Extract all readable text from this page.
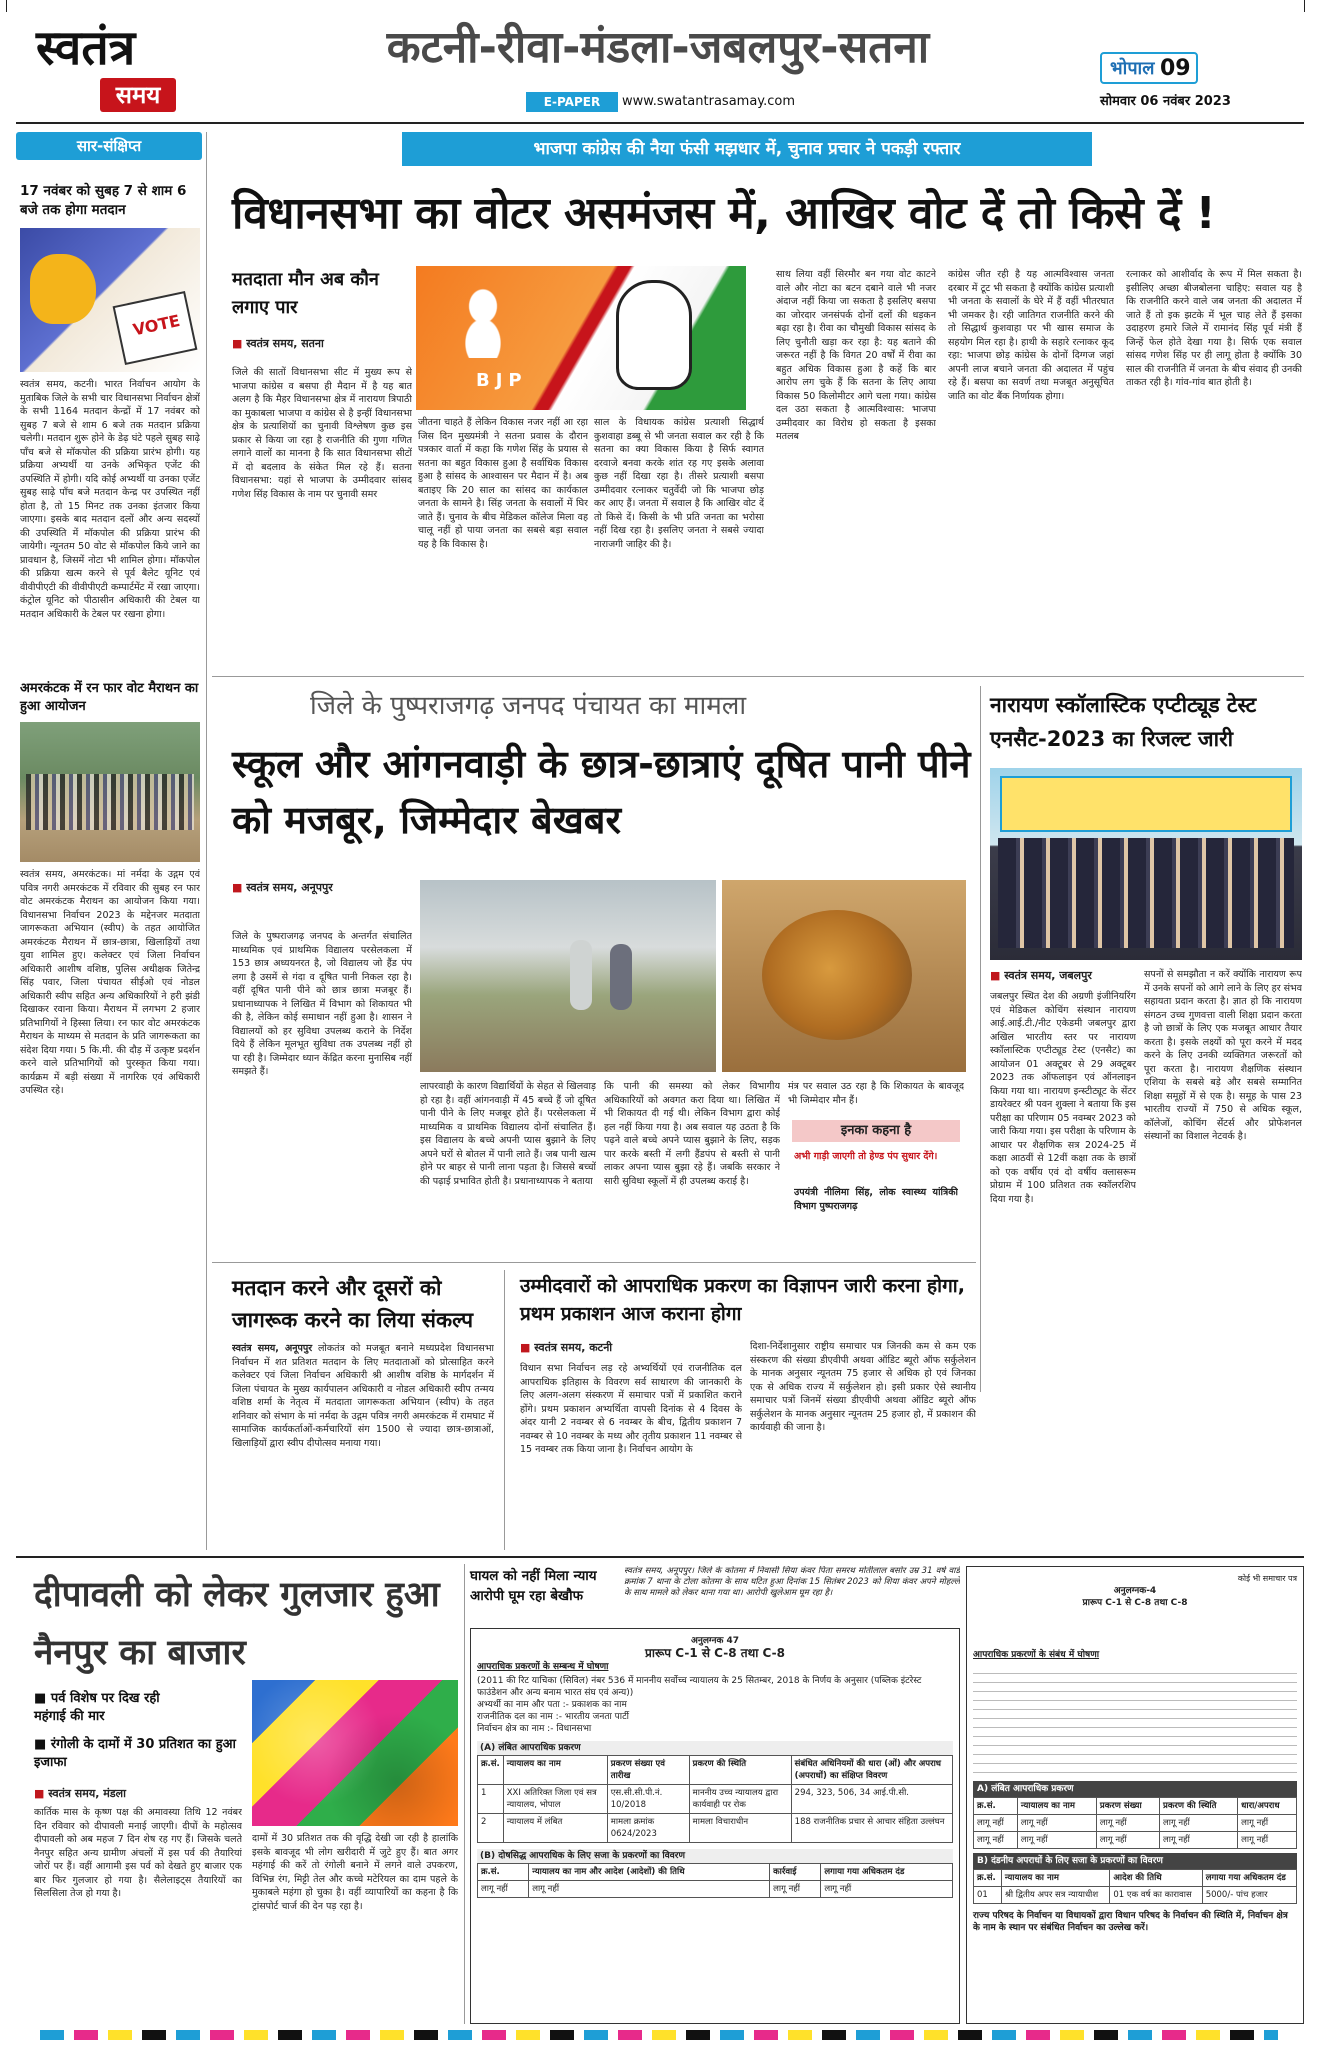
स्वतंत्र
समय
कटनी-रीवा-मंडला-जबलपुर-सतना
E-PAPER	www.swatantrasamay.com
भोपाल 09
सोमवार 06 नवंबर 2023
सार-संक्षिप्त
17 नवंबर को सुबह 7 से शाम 6 बजे तक होगा मतदान
VOTE
स्वतंत्र समय, कटनी। भारत निर्वाचन आयोग के मुताबिक जिले के सभी चार विधानसभा निर्वाचन क्षेत्रों के सभी 1164 मतदान केन्द्रों में 17 नवंबर को सुबह 7 बजे से शाम 6 बजे तक मतदान प्रक्रिया चलेगी। मतदान शुरू होने के डेढ़ घंटे पहले सुबह साढ़े पाँच बजे से मॉकपोल की प्रक्रिया प्रारंभ होगी। यह प्रक्रिया अभ्यर्थी या उनके अभिकृत एजेंट की उपस्थिति में होगी। यदि कोई अभ्यर्थी या उनका एजेंट सुबह साढ़े पाँच बजे मतदान केन्द्र पर उपस्थित नहीं होता है, तो 15 मिनट तक उनका इंतजार किया जाएगा। इसके बाद मतदान दलों और अन्य सदस्यों की उपस्थिति में मॉकपोल की प्रक्रिया प्रारंभ की जायेगी। न्यूनतम 50 वोट से मॉकपोल किये जाने का प्रावधान है, जिसमें नोटा भी शामिल होगा। मॉकपोल की प्रक्रिया खत्म करने से पूर्व बैलेट यूनिट एवं वीवीपीएटी की वीवीपीएटी कम्पार्टमेंट में रखा जाएगा। कंट्रोल यूनिट को पीठासीन अधिकारी की टेबल या मतदान अधिकारी के टेबल पर रखना होगा।
अमरकंटक में रन फार वोट मैराथन का हुआ आयोजन
स्वतंत्र समय, अमरकंटक। मां नर्मदा के उद्गम एवं पवित्र नगरी अमरकंटक में रविवार की सुबह रन फार वोट अमरकंटक मैराथन का आयोजन किया गया। विधानसभा निर्वाचन 2023 के मद्देनजर मतदाता जागरूकता अभियान (स्वीप) के तहत आयोजित अमरकंटक मैराथन में छात्र-छात्रा, खिलाड़ियों तथा युवा शामिल हुए। कलेक्टर एवं जिला निर्वाचन अधिकारी आशीष वशिष्ठ, पुलिस अधीक्षक जितेन्द्र सिंह पवार, जिला पंचायत सीईओ एवं नोडल अधिकारी स्वीप सहित अन्य अधिकारियों ने हरी झंडी दिखाकर रवाना किया। मैराथन में लगभग 2 हजार प्रतिभागियों ने हिस्सा लिया। रन फार वोट अमरकंटक मैराथन के माध्यम से मतदान के प्रति जागरूकता का संदेश दिया गया। 5 कि.मी. की दौड़ में उत्कृष्ट प्रदर्शन करने वाले प्रतिभागियों को पुरस्कृत किया गया। कार्यक्रम में बड़ी संख्या में नागरिक एवं अधिकारी उपस्थित रहे।
भाजपा कांग्रेस की नैया फंसी मझधार में, चुनाव प्रचार ने पकड़ी रफ्तार
विधानसभा का वोटर असमंजस में, आखिर वोट दें तो किसे दें !
मतदाता मौन अब कौन लगाए पार
■ स्वतंत्र समय, सतना
BJP
जिले की सातों विधानसभा सीट में मुख्य रूप से भाजपा कांग्रेस व बसपा ही मैदान में है यह बात अलग है कि मैहर विधानसभा क्षेत्र में नारायण त्रिपाठी का मुकाबला भाजपा व कांग्रेस से है इन्हीं विधानसभा क्षेत्र के प्रत्याशियों का चुनावी विश्लेषण कुछ इस प्रकार से किया जा रहा है राजनीति की गुणा गणित लगाने वालों का मानना है कि सात विधानसभा सीटों में दो बदलाव के संकेत मिल रहे हैं। सतना विधानसभा: यहां से भाजपा के उम्मीदवार सांसद गणेश सिंह विकास के नाम पर चुनावी समर
जीतना चाहते हैं लेकिन विकास नजर नहीं आ रहा जिस दिन मुख्यमंत्री ने सतना प्रवास के दौरान पत्रकार वार्ता में कहा कि गणेश सिंह के प्रयास से सतना का बहुत विकास हुआ है सर्वाधिक विकास हुआ है सांसद के आश्वासन पर मैदान में है। अब बताइए कि 20 साल का सांसद का कार्यकाल जनता के सामने है। सिंह जनता के सवालों में घिर जाते हैं। चुनाव के बीच मेडिकल कॉलेज मिला वह चालू नहीं हो पाया जनता का सबसे बड़ा सवाल यह है कि विकास है।
साल के विधायक कांग्रेस प्रत्याशी सिद्धार्थ कुशवाहा डब्बू से भी जनता सवाल कर रही है कि सतना का क्या विकास किया है सिर्फ स्वागत दरवाजे बनवा करके शांत रह गए इसके अलावा कुछ नहीं दिखा रहा है। तीसरे प्रत्याशी बसपा उम्मीदवार रत्नाकर चतुर्वेदी जो कि भाजपा छोड़ कर आए हैं। जनता में सवाल है कि आखिर वोट दें तो किसे दें। किसी के भी प्रति जनता का भरोसा नहीं दिख रहा है। इसलिए जनता ने सबसे ज्यादा नाराजगी जाहिर की है।
साथ लिया वहीं सिरमौर बन गया वोट काटने वाले और नोटा का बटन दबाने वाले भी नजर अंदाज नहीं किया जा सकता है इसलिए बसपा का जोरदार जनसंपर्क दोनों दलों की धड़कन बढ़ा रहा है। रीवा का चौमुखी विकास सांसद के लिए चुनौती खड़ा कर रहा है: यह बताने की जरूरत नहीं है कि विगत 20 वर्षों में रीवा का बहुत अधिक विकास हुआ है कहें कि बार आरोप लग चुके हैं कि सतना के लिए आया विकास 50 किलोमीटर आगे चला गया। कांग्रेस दल उठा सकता है आत्मविश्वास: भाजपा उम्मीदवार का विरोध हो सकता है इसका मतलब
कांग्रेस जीत रही है यह आत्मविश्वास जनता दरबार में टूट भी सकता है क्योंकि कांग्रेस प्रत्याशी भी जनता के सवालों के घेरे में हैं वहीं भीतरघात भी जमकर है। रही जातिगत राजनीति करने की तो सिद्धार्थ कुशवाहा पर भी खास समाज के सहयोग मिल रहा है। हाथी के सहारे रत्नाकर कूद रहा: भाजपा छोड़ कांग्रेस के दोनों दिग्गज जहां अपनी लाज बचाने जनता की अदालत में पहुंच रहे हैं। बसपा का सवर्ण तथा मजबूत अनुसूचित जाति का वोट बैंक निर्णायक होगा।
रत्नाकर को आशीर्वाद के रूप में मिल सकता है। इसीलिए अच्छा बीजबोलना चाहिए: सवाल यह है कि राजनीति करने वाले जब जनता की अदालत में जाते हैं तो इक झटके में भूल चाह लेते हैं इसका उदाहरण हमारे जिले में रामानंद सिंह पूर्व मंत्री हैं जिन्हें फेल होते देखा गया है। सिर्फ एक सवाल सांसद गणेश सिंह पर ही लागू होता है क्योंकि 30 साल की राजनीति में जनता के बीच संवाद ही उनकी ताकत रही है। गांव-गांव बात होती है।
जिले के पुष्पराजगढ़ जनपद पंचायत का मामला
स्कूल और आंगनवाड़ी के छात्र-छात्राएं दूषित पानी पीने को मजबूर, जिम्मेदार बेखबर
■ स्वतंत्र समय, अनूपपुर
जिले के पुष्पराजगढ़ जनपद के अन्तर्गत संचालित माध्यमिक एवं प्राथमिक विद्यालय परसेलकला में 153 छात्र अध्ययनरत है, जो विद्यालय जो हैंड पंप लगा है उसमें से गंदा व दूषित पानी निकल रहा है। वहीं दूषित पानी पीने को छात्र छात्रा मजबूर हैं। प्रधानाध्यापक ने लिखित में विभाग को शिकायत भी की है, लेकिन कोई समाधान नहीं हुआ है। शासन ने विद्यालयों को हर सुविधा उपलब्ध कराने के निर्देश दिये हैं लेकिन मूलभूत सुविधा तक उपलब्ध नहीं हो पा रही है। जिम्मेदार ध्यान केंद्रित करना मुनासिब नहीं समझते हैं।
लापरवाही के कारण विद्यार्थियों के सेहत से खिलवाड़ हो रहा है। वहीं आंगनवाड़ी में 45 बच्चे हैं जो दूषित पानी पीने के लिए मजबूर होते हैं। परसेलकला में माध्यमिक व प्राथमिक विद्यालय दोनों संचालित हैं। इस विद्यालय के बच्चे अपनी प्यास बुझाने के लिए अपने घरों से बोतल में पानी लाते हैं। जब पानी खत्म होने पर बाहर से पानी लाना पड़ता है। जिससे बच्चों की पढ़ाई प्रभावित होती है। प्रधानाध्यापक ने बताया
कि पानी की समस्या को लेकर विभागीय अधिकारियों को अवगत करा दिया था। लिखित में भी शिकायत दी गई थी। लेकिन विभाग द्वारा कोई हल नहीं किया गया है। अब सवाल यह उठता है कि पढ़ने वाले बच्चे अपने प्यास बुझाने के लिए, सड़क पार करके बस्ती में लगी हैंडपंप से बस्ती से पानी लाकर अपना प्यास बुझा रहे हैं। जबकि सरकार ने सारी सुविधा स्कूलों में ही उपलब्ध कराई है।
मंत्र पर सवाल उठ रहा है कि शिकायत के बावजूद भी जिम्मेदार मौन हैं।
इनका कहना है
अभी गाड़ी जाएगी तो हेण्ड पंप सुधार देंगे।
उपयंत्री नीलिमा सिंह, लोक स्वास्थ्य यांत्रिकी विभाग पुष्पराजगढ़
नारायण स्कॉलास्टिक एप्टीट्यूड टेस्ट एनसैट-2023 का रिजल्ट जारी
■ स्वतंत्र समय, जबलपुर
जबलपुर स्थित देश की अग्रणी इंजीनियरिंग एवं मेडिकल कोचिंग संस्थान नारायण आई.आई.टी./नीट एकेडमी जबलपुर द्वारा अखिल भारतीय स्तर पर नारायण स्कॉलास्टिक एप्टीट्यूड टेस्ट (एनसैट) का आयोजन 01 अक्टूबर से 29 अक्टूबर 2023 तक ऑफलाइन एवं ऑनलाइन किया गया था। नारायण इन्स्टीट्यूट के सेंटर डायरेक्टर श्री पवन शुक्ला ने बताया कि इस परीक्षा का परिणाम 05 नवम्बर 2023 को जारी किया गया। इस परीक्षा के परिणाम के आधार पर शैक्षणिक सत्र 2024-25 में कक्षा आठवीं से 12वीं कक्षा तक के छात्रों को एक वर्षीय एवं दो वर्षीय क्लासरूम प्रोग्राम में 100 प्रतिशत तक स्कॉलरशिप दिया गया है।
सपनों से समझौता न करें क्योंकि नारायण रूप में उनके सपनों को आगे लाने के लिए हर संभव सहायता प्रदान करता है। ज्ञात हो कि नारायण संगठन उच्च गुणवत्ता वाली शिक्षा प्रदान करता है जो छात्रों के लिए एक मजबूत आधार तैयार करता है। इसके लक्ष्यों को पूरा करने में मदद करने के लिए उनकी व्यक्तिगत जरूरतों को पूरा करता है। नारायण शैक्षणिक संस्थान एशिया के सबसे बड़े और सबसे सम्मानित शिक्षा समूहों में से एक है। समूह के पास 23 भारतीय राज्यों में 750 से अधिक स्कूल, कॉलेजों, कोचिंग सेंटर्स और प्रोफेशनल संस्थानों का विशाल नेटवर्क है।
मतदान करने और दूसरों को जागरूक करने का लिया संकल्प
स्वतंत्र समय, अनूपपुर लोकतंत्र को मजबूत बनाने मध्यप्रदेश विधानसभा निर्वाचन में शत प्रतिशत मतदान के लिए मतदाताओं को प्रोत्साहित करने कलेक्टर एवं जिला निर्वाचन अधिकारी श्री आशीष वशिष्ठ के मार्गदर्शन में जिला पंचायत के मुख्य कार्यपालन अधिकारी व नोडल अधिकारी स्वीप तन्मय वशिष्ठ शर्मा के नेतृत्व में मतदाता जागरूकता अभियान (स्वीप) के तहत शनिवार को संभाग के मां नर्मदा के उद्गम पवित्र नगरी अमरकंटक में रामघाट में सामाजिक कार्यकर्ताओं-कर्मचारियों संग 1500 से ज्यादा छात्र-छात्राओं, खिलाड़ियों द्वारा स्वीप दीपोत्सव मनाया गया।
उम्मीदवारों को आपराधिक प्रकरण का विज्ञापन जारी करना होगा, प्रथम प्रकाशन आज कराना होगा
■ स्वतंत्र समय, कटनी
विधान सभा निर्वाचन लड़ रहे अभ्यर्थियों एवं राजनीतिक दल आपराधिक इतिहास के विवरण सर्व साधारण की जानकारी के लिए अलग-अलग संस्करण में समाचार पत्रों में प्रकाशित कराने होंगे। प्रथम प्रकाशन अभ्यर्थिता वापसी दिनांक से 4 दिवस के अंदर यानी 2 नवम्बर से 6 नवम्बर के बीच, द्वितीय प्रकाशन 7 नवम्बर से 10 नवम्बर के मध्य और तृतीय प्रकाशन 11 नवम्बर से 15 नवम्बर तक किया जाना है। निर्वाचन आयोग के
दिशा-निर्देशानुसार राष्ट्रीय समाचार पत्र जिनकी कम से कम एक संस्करण की संख्या डीएवीपी अथवा ऑडिट ब्यूरो ऑफ सर्कुलेशन के मानक अनुसार न्यूनतम 75 हजार से अधिक हो एवं जिनका एक से अधिक राज्य में सर्कुलेशन हो। इसी प्रकार ऐसे स्थानीय समाचार पत्रों जिनमें संख्या डीएवीपी अथवा ऑडिट ब्यूरो ऑफ सर्कुलेशन के मानक अनुसार न्यूनतम 25 हजार हो, में प्रकाशन की कार्यवाही की जाना है।
दीपावली को लेकर गुलजार हुआ नैनपुर का बाजार
■ पर्व विशेष पर दिख रही महंगाई की मार
■ रंगोली के दामों में 30 प्रतिशत का हुआ इजाफा
■ स्वतंत्र समय, मंडला
कार्तिक मास के कृष्ण पक्ष की अमावस्या तिथि 12 नवंबर दिन रविवार को दीपावली मनाई जाएगी। दीपों के महोत्सव दीपावली को अब महज 7 दिन शेष रह गए हैं। जिसके चलते नैनपुर सहित अन्य ग्रामीण अंचलों में इस पर्व की तैयारियां जोरों पर हैं। वहीं आगामी इस पर्व को देखते हुए बाजार एक बार फिर गुलजार हो गया है। सैलेलाइट्स तैयारियों का सिलसिला तेज हो गया है।
दामों में 30 प्रतिशत तक की वृद्धि देखी जा रही है हालांकि इसके बावजूद भी लोग खरीदारी में जुटे हुए हैं। बात अगर महंगाई की करें तो रंगोली बनाने में लगने वाले उपकरण, विभिन्न रंग, मिट्टी तेल और कच्चे मटेरियल का दाम पहले के मुकाबले महंगा हो चुका है। वहीं व्यापारियों का कहना है कि ट्रांसपोर्ट चार्ज की देन पड़ रहा है।
घायल को नहीं मिला न्याय आरोपी घूम रहा बेखौफ
स्वतंत्र समय, अनूपपुर। जिले के कोतमा में निवासी सिया कंवर पिता समरथ मोतीलाल बसोर उम्र 31 वर्ष वार्ड क्रमांक 7 थाना के टोला कोतमा के साथ घटित हुआ दिनांक 15 सितंबर 2023 को शिया कंवर अपने मोहल्ले के साथ मामले को लेकर थाना गया था। आरोपी खुलेआम घूम रहा है।
अनुलग्नक 47
प्रारूप C-1 से C-8 तथा C-8
आपराधिक प्रकरणों के सम्बन्ध में घोषणा
(2011 की रिट याचिका (सिविल) नंबर 536 में माननीय सर्वोच्च न्यायालय के 25 सितम्बर, 2018 के निर्णय के अनुसार (पब्लिक इंटरेस्ट फाउंडेशन और अन्य बनाम भारत संघ एवं अन्य))
अभ्यर्थी का नाम और पता :- प्रकाशक का नाम
राजनीतिक दल का नाम :- भारतीय जनता पार्टी
निर्वाचन क्षेत्र का नाम :- विधानसभा
(A) लंबित आपराधिक प्रकरण
क्र.सं.	न्यायालय का नाम	प्रकरण संख्या एवं तारीख	प्रकरण की स्थिति	संबंधित अधिनियमों की धारा (ओं) और अपराध (अपराधों) का संक्षिप्त विवरण
1	XXI अतिरिक्त जिला एवं सत्र न्यायालय, भोपाल	एस.सी.सी.पी.नं. 10/2018	माननीय उच्च न्यायालय द्वारा कार्यवाही पर रोक	294, 323, 506, 34 आई.पी.सी.
2	न्यायालय में लंबित	मामला क्रमांक 0624/2023	मामला विचाराधीन	188 राजनीतिक प्रचार से आचार संहिता उल्लंघन
(B) दोषसिद्ध आपराधिक के लिए सजा के प्रकरणों का विवरण
क्र.सं.	न्यायालय का नाम और आदेश (आदेशों) की तिथि	कार्रवाई	लगाया गया अधिकतम दंड
लागू नहीं	लागू नहीं	लागू नहीं	लागू नहीं
कोई भी समाचार पत्र
अनुलग्नक-4
प्रारूप C-1 से C-8 तथा C-8
आपराधिक प्रकरणों के संबंध में घोषणा
A) लंबित आपराधिक प्रकरण
क्र.सं.	न्यायालय का नाम	प्रकरण संख्या	प्रकरण की स्थिति	धारा/अपराध
लागू नहीं	लागू नहीं	लागू नहीं	लागू नहीं	लागू नहीं
लागू नहीं	लागू नहीं	लागू नहीं	लागू नहीं	लागू नहीं
B) दंडनीय अपराधों के लिए सजा के प्रकरणों का विवरण
क्र.सं.	न्यायालय का नाम	आदेश की तिथि	लगाया गया अधिकतम दंड
01	श्री द्वितीय अपर सत्र न्यायाधीश	01 एक वर्ष का कारावास	5000/- पांच हजार
राज्य परिषद के निर्वाचन या विधायकों द्वारा विधान परिषद के निर्वाचन की स्थिति में, निर्वाचन क्षेत्र के नाम के स्थान पर संबंधित निर्वाचन का उल्लेख करें।
